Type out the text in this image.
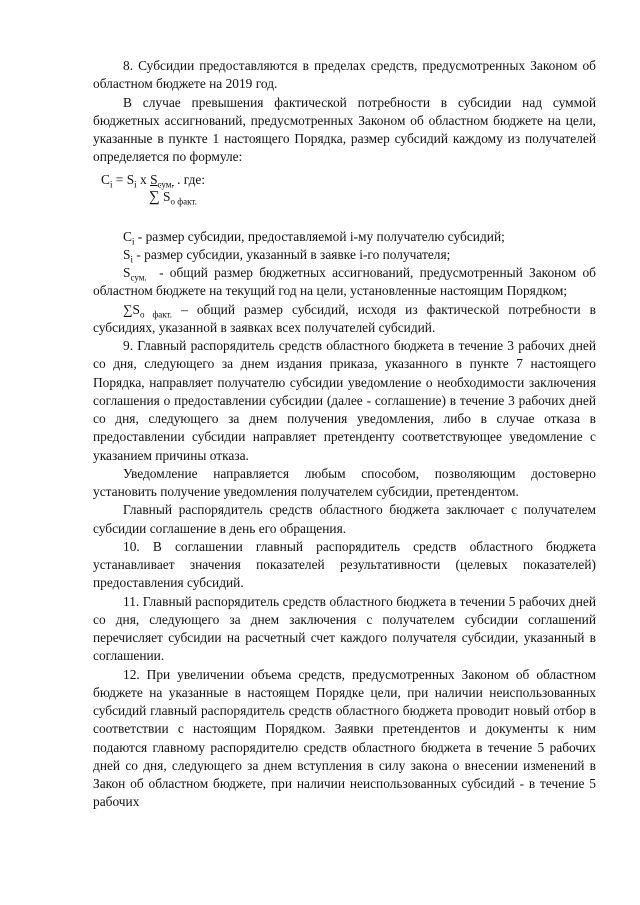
8. Субсидии предоставляются в пределах средств, предусмотренных Законом об областном бюджете на 2019 год.

В случае превышения фактической потребности в субсидии над суммой бюджетных ассигнований, предусмотренных Законом об областном бюджете на цели, указанные в пункте 1 настоящего Порядка, размер субсидий каждому из получателей определяется по формуле:

$C_i = S_i$ x $S_{сум.}$ . где:
∑ $S_{о факт.}$

$C_i$ - размер субсидии, предоставляемой i-му получателю субсидий;

$S_i$ - размер субсидии, указанный в заявке i-го получателя;

$S_{сум.}$  - общий размер бюджетных ассигнований, предусмотренный Законом об областном бюджете на текущий год на цели, установленные настоящим Порядком;

$\sum S_{о факт.}$ – общий размер субсидий, исходя из фактической потребности в субсидиях, указанной в заявках всех получателей субсидий.

9. Главный распорядитель средств областного бюджета в течение 3 рабочих дней со дня, следующего за днем издания приказа, указанного в пункте 7 настоящего Порядка, направляет получателю субсидии уведомление о необходимости заключения соглашения о предоставлении субсидии (далее - соглашение) в течение 3 рабочих дней со дня, следующего за днем получения уведомления, либо в случае отказа в предоставлении субсидии направляет претенденту соответствующее уведомление с указанием причины отказа.

Уведомление направляется любым способом, позволяющим достоверно установить получение уведомления получателем субсидии, претендентом.

Главный распорядитель средств областного бюджета заключает с получателем субсидии соглашение в день его обращения.

10. В соглашении главный распорядитель средств областного бюджета устанавливает значения показателей результативности (целевых показателей) предоставления субсидий.

11. Главный распорядитель средств областного бюджета в течении 5 рабочих дней со дня, следующего за днем заключения с получателем субсидии соглашений перечисляет субсидии на расчетный счет каждого получателя субсидии, указанный в соглашении.

12. При увеличении объема средств, предусмотренных Законом об областном бюджете на указанные в настоящем Порядке цели, при наличии неиспользованных субсидий главный распорядитель средств областного бюджета проводит новый отбор в соответствии с настоящим Порядком. Заявки претендентов и документы к ним подаются главному распорядителю средств областного бюджета в течение 5 рабочих дней со дня, следующего за днем вступления в силу закона о внесении изменений в Закон об областном бюджете, при наличии неиспользованных субсидий - в течение 5 рабочих
